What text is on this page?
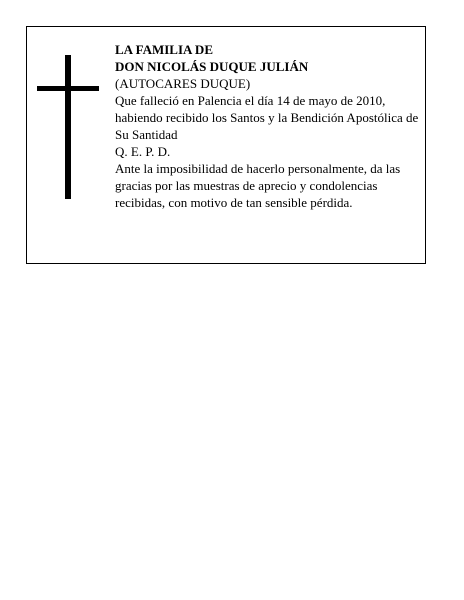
LA FAMILIA DE

DON NICOLÁS DUQUE JULIÁN

(AUTOCARES DUQUE)

Que falleció en Palencia el día 14 de mayo de 2010, habiendo recibido los Santos y la Bendición Apostólica de Su Santidad

Q. E. P. D.

Ante la imposibilidad de hacerlo personalmente, da las gracias por las muestras de aprecio y condolencias recibidas, con motivo de tan sensible pérdida.
